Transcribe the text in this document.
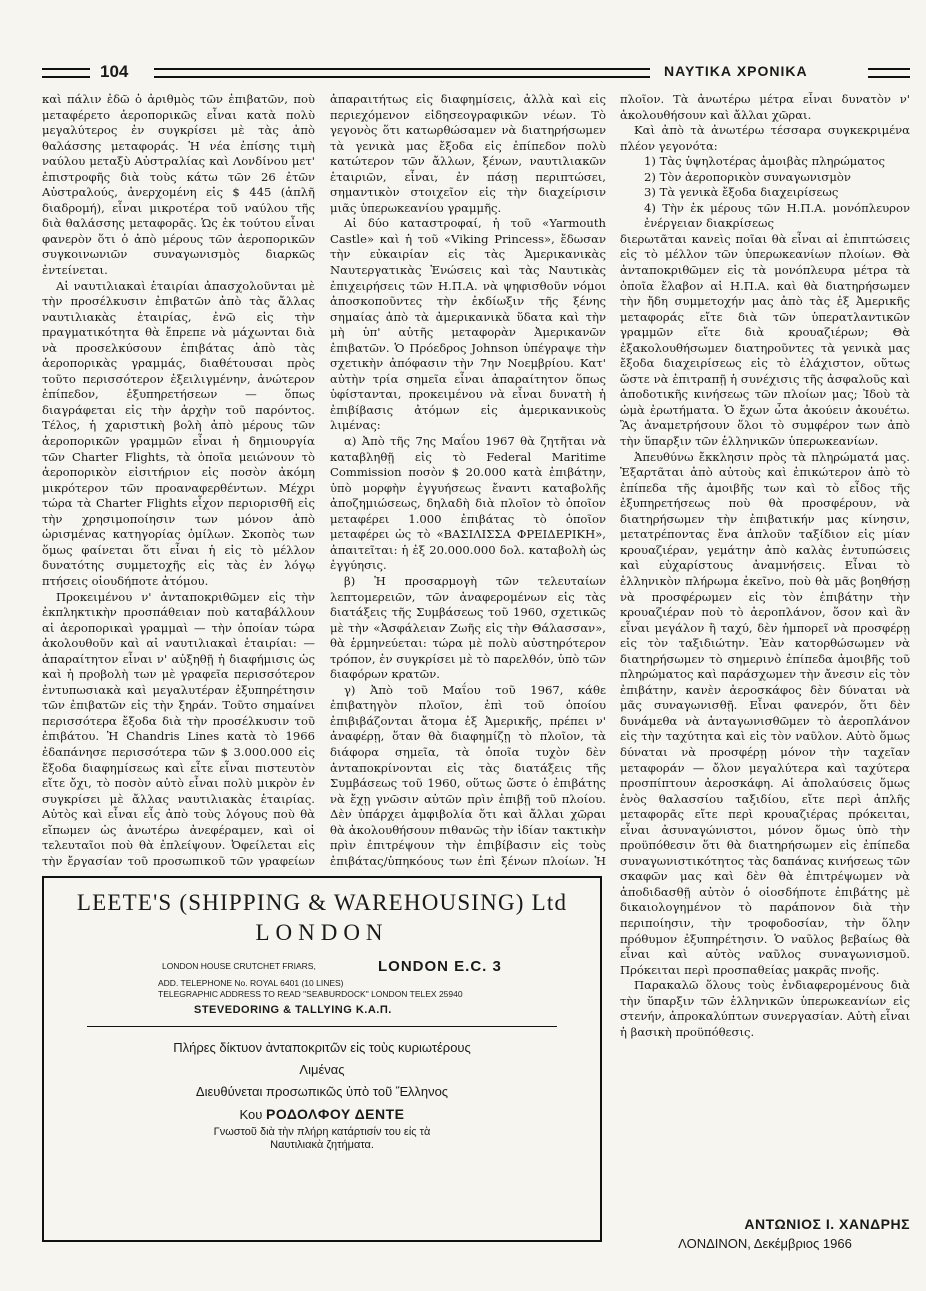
104	ΝΑΥΤΙΚΑ ΧΡΟΝΙΚΑ

καὶ πάλιν ἐδῶ ὁ ἀριθμὸς τῶν ἐπιβατῶν, ποὺ μεταφέρετο ἀεροπορικῶς εἶναι κατὰ πολὺ μεγαλύτερος ἐν συγκρίσει μὲ τὰς ἀπὸ θαλάσσης μεταφοράς. Ἡ νέα ἐπίσης τιμὴ ναύλου μεταξὺ Αὐστραλίας καὶ Λονδίνου μετ' ἐπιστροφῆς διὰ τοὺς κάτω τῶν 26 ἐτῶν Αὐστραλούς, ἀνερχομένη εἰς $ 445 (ἁπλῆ διαδρομή), εἶναι μικροτέρα τοῦ ναύλου τῆς διὰ θαλάσσης μεταφορᾶς. Ὡς ἐκ τούτου εἶναι φανερὸν ὅτι ὁ ἀπὸ μέρους τῶν ἀεροπορικῶν συγκοινωνιῶν συναγωνισμὸς διαρκῶς ἐντείνεται.

Αἱ ναυτιλιακαὶ ἑταιρίαι ἀπασχολοῦνται μὲ τὴν προσέλκυσιν ἐπιβατῶν ἀπὸ τὰς ἄλλας ναυτιλιακὰς ἑταιρίας, ἐνῶ εἰς τὴν πραγματικότητα θὰ ἔπρεπε νὰ μάχωνται διὰ νὰ προσελκύσουν ἐπιβάτας ἀπὸ τὰς ἀεροπορικὰς γραμμάς, διαθέτουσαι πρὸς τοῦτο περισσότερον ἐξειλιγμένην, ἀνώτερον ἐπίπεδον, ἐξυπηρετήσεων — ὅπως διαγράφεται εἰς τὴν ἀρχὴν τοῦ παρόντος. Τέλος, ἡ χαριστικὴ βολὴ ἀπὸ μέρους τῶν ἀεροπορικῶν γραμμῶν εἶναι ἡ δημιουργία τῶν Charter Flights, τὰ ὁποῖα μειώνουν τὸ ἀεροπορικὸν εἰσιτήριον εἰς ποσὸν ἀκόμη μικρότερον τῶν προαναφερθέντων. Μέχρι τώρα τὰ Charter Flights εἶχον περιορισθῆ εἰς τὴν χρησιμοποίησιν των μόνον ἀπὸ ὡρισμένας κατηγορίας ὁμίλων. Σκοπὸς των ὅμως φαίνεται ὅτι εἶναι ἡ εἰς τὸ μέλλον δυνατότης συμμετοχῆς εἰς τὰς ἐν λόγῳ πτήσεις οἱουδήποτε ἀτόμου.

Προκειμένου ν' ἀνταποκριθῶμεν εἰς τὴν ἐκπληκτικὴν προσπάθειαν ποὺ καταβάλλουν αἱ ἀεροπορικαὶ γραμμαὶ — τὴν ὁποίαν τώρα ἀκολουθοῦν καὶ αἱ ναυτιλιακαὶ ἑταιρίαι: — ἀπαραίτητον εἶναι ν' αὐξηθῇ ἡ διαφήμισις ὡς καὶ ἡ προβολὴ των μὲ γραφεῖα περισσότερον ἐντυπωσιακὰ καὶ μεγαλυτέραν ἐξυπηρέτησιν τῶν ἐπιβατῶν εἰς τὴν ξηράν. Τοῦτο σημαίνει περισσότερα ἔξοδα διὰ τὴν προσέλκυσιν τοῦ ἐπιβάτου. Ἡ Chandris Lines κατὰ τὸ 1966 ἐδαπάνησε περισσότερα τῶν $ 3.000.000 εἰς ἔξοδα διαφημίσεως καὶ εἶτε εἶναι πιστευτὸν εἴτε ὄχι, τὸ ποσὸν αὐτὸ εἶναι πολὺ μικρὸν ἐν συγκρίσει μὲ ἄλλας ναυτιλιακὰς ἑταιρίας. Αὐτὸς καὶ εἶναι εἷς ἀπὸ τοὺς λόγους ποὺ θὰ εἴπωμεν ὡς ἀνωτέρω ἀνεφέραμεν, καὶ οἱ τελευταῖοι ποὺ θὰ ἐπλείψουν. Ὀφείλεται εἰς τὴν ἔργασίαν τοῦ προσωπικοῦ τῶν γραφείων

ἀπαραιτήτως εἰς διαφημίσεις, ἀλλὰ καὶ εἰς περιεχόμενον εἰδησεογραφικῶν νέων. Τὸ γεγονὸς ὅτι κατωρθώσαμεν νὰ διατηρήσωμεν τὰ γενικὰ μας ἔξοδα εἰς ἐπίπεδον πολὺ κατώτερον τῶν ἄλλων, ξένων, ναυτιλιακῶν ἑταιριῶν, εἶναι, ἐν πάσῃ περιπτώσει, σημαντικὸν στοιχεῖον εἰς τὴν διαχείρισιν μιᾶς ὑπερωκεανίου γραμμῆς.

Αἱ δύο καταστροφαί, ἡ τοῦ «Yarmouth Castle» καὶ ἡ τοῦ «Viking Princess», ἔδωσαν τὴν εὐκαιρίαν εἰς τὰς Ἀμερικανικὰς Ναυτεργατικὰς Ἑνώσεις καὶ τὰς Ναυτικὰς ἐπιχειρήσεις τῶν Η.Π.Α. νὰ ψηφισθοῦν νόμοι ἀποσκοποῦντες τὴν ἐκδίωξιν τῆς ξένης σημαίας ἀπὸ τὰ ἀμερικανικὰ ὕδατα καὶ τὴν μὴ ὑπ' αὐτῆς μεταφορὰν Ἀμερικανῶν ἐπιβατῶν. Ὁ Πρόεδρος Johnson ὑπέγραψε τὴν σχετικὴν ἀπόφασιν τὴν 7ην Νοεμβρίου. Κατ' αὐτὴν τρία σημεῖα εἶναι ἀπαραίτητον ὅπως ὑφίστανται, προκειμένου νὰ εἶναι δυνατὴ ἡ ἐπιβίβασις ἀτόμων εἰς ἀμερικανικοὺς λιμένας:

α) Ἀπὸ τῆς 7ης Μαΐου 1967 θὰ ζητῆται νὰ καταβληθῇ εἰς τὸ Federal Maritime Commission ποσὸν $ 20.000 κατὰ ἐπιβάτην, ὑπὸ μορφὴν ἐγγυήσεως ἔναντι καταβολῆς ἀποζημιώσεως, δηλαδὴ διὰ πλοῖον τὸ ὁποῖον μεταφέρει 1.000 ἐπιβάτας τὸ ὁποῖον μεταφέρει ὡς τὸ «ΒΑΣΙΛΙΣΣΑ ΦΡΕΙΔΕΡΙΚΗ», ἀπαιτεῖται: ἡ ἐξ 20.000.000 δολ. καταβολὴ ὡς ἐγγύησις.

β) Ἡ προσαρμογὴ τῶν τελευταίων λεπτομερειῶν, τῶν ἀναφερομένων εἰς τὰς διατάξεις τῆς Συμβάσεως τοῦ 1960, σχετικῶς μὲ τὴν «Ἀσφάλειαν Ζωῆς εἰς τὴν Θάλασσαν», θὰ ἑρμηνεύεται: τώρα μὲ πολὺ αὐστηρότερον τρόπον, ἐν συγκρίσει μὲ τὸ παρελθόν, ὑπὸ τῶν διαφόρων κρατῶν.

γ) Ἀπὸ τοῦ Μαΐου τοῦ 1967, κάθε ἐπιβατηγὸν πλοῖον, ἐπὶ τοῦ ὁποίου ἐπιβιβάζονται ἄτομα ἐξ Ἀμερικῆς, πρέπει ν' ἀναφέρῃ, ὅταν θὰ διαφημίζῃ τὸ πλοῖον, τὰ διάφορα σημεῖα, τὰ ὁποῖα τυχὸν δὲν ἀνταποκρίνονται εἰς τὰς διατάξεις τῆς Συμβάσεως τοῦ 1960, οὕτως ὥστε ὁ ἐπιβάτης νὰ ἔχῃ γνῶσιν αὐτῶν πρὶν ἐπιβῇ τοῦ πλοίου. Δὲν ὑπάρχει ἀμφιβολία ὅτι καὶ ἄλλαι χῶραι θὰ ἀκολουθήσουν πιθανῶς τὴν ἰδίαν τακτικὴν πρὶν ἐπιτρέψουν τὴν ἐπιβίβασιν εἰς τοὺς ἐπιβάτας/ὑπηκόους των ἐπὶ ξένων πλοίων. Ἡ

πλοῖον. Τὰ ἀνωτέρω μέτρα εἶναι δυνατὸν ν' ἀκολουθήσουν καὶ ἄλλαι χῶραι.

Καὶ ἀπὸ τὰ ἀνωτέρω τέσσαρα συγκεκριμένα πλέον γεγονότα:

1) Τὰς ὑψηλοτέρας ἀμοιβὰς πληρώματος
2) Τὸν ἀεροπορικὸν συναγωνισμὸν
3) Τὰ γενικὰ ἔξοδα διαχειρίσεως
4) Τὴν ἐκ μέρους τῶν Η.Π.Α. μονόπλευρον ἐνέργειαν διακρίσεως

διερωτᾶται κανεὶς ποῖαι θὰ εἶναι αἱ ἐπιπτώσεις εἰς τὸ μέλλον τῶν ὑπερωκεανίων πλοίων. Θὰ ἀνταποκριθῶμεν εἰς τὰ μονόπλευρα μέτρα τὰ ὁποῖα ἔλαβον αἱ Η.Π.Α. καὶ θὰ διατηρήσωμεν τὴν ἤδη συμμετοχήν μας ἀπὸ τὰς ἐξ Ἀμερικῆς μεταφοράς εἴτε διὰ τῶν ὑπερατλαντικῶν γραμμῶν εἴτε διὰ κρουαζιέρων; Θὰ ἐξακολουθήσωμεν διατηροῦντες τὰ γενικὰ μας ἔξοδα διαχειρίσεως εἰς τὸ ἐλάχιστον, οὕτως ὥστε νὰ ἐπιτραπῇ ἡ συνέχισις τῆς ἀσφαλοῦς καὶ ἀποδοτικῆς κινήσεως τῶν πλοίων μας; Ἰδοὺ τὰ ὠμὰ ἐρωτήματα. Ὁ ἔχων ὦτα ἀκούειν ἀκουέτω. Ἂς ἀναμετρήσουν ὅλοι τὸ συμφέρον των ἀπὸ τὴν ὕπαρξιν τῶν ἑλληνικῶν ὑπερωκεανίων.

Ἀπευθύνω ἔκκλησιν πρὸς τὰ πληρώματά μας. Ἐξαρτᾶται ἀπὸ αὐτοὺς καὶ ἐπικώτερον ἀπὸ τὸ ἐπίπεδα τῆς ἀμοιβῆς των καὶ τὸ εἶδος τῆς ἐξυπηρετήσεως ποὺ θὰ προσφέρουν, νὰ διατηρήσωμεν τὴν ἐπιβατικήν μας κίνησιν, μετατρέποντας ἕνα ἁπλοῦν ταξίδιον εἰς μίαν κρουαζιέραν, γεμάτην ἀπὸ καλὰς ἐντυπώσεις καὶ εὐχαρίστους ἀναμνήσεις. Εἶναι τὸ ἑλληνικὸν πλήρωμα ἐκεῖνο, ποὺ θὰ μᾶς βοηθήσῃ νὰ προσφέρωμεν εἰς τὸν ἐπιβάτην τὴν κρουαζιέραν ποὺ τὸ ἀεροπλάνον, ὅσον καὶ ἂν εἶναι μεγάλον ἢ ταχύ, δὲν ἠμπορεῖ νὰ προσφέρῃ εἰς τὸν ταξιδιώτην. Ἐὰν κατορθώσωμεν νὰ διατηρήσωμεν τὸ σημερινὸ ἐπίπεδα ἀμοιβῆς τοῦ πληρώματος καὶ παράσχωμεν τὴν ἄνεσιν εἰς τὸν ἐπιβάτην, κανὲν ἀεροσκάφος δὲν δύναται νὰ μᾶς συναγωνισθῇ. Εἶναι φανερόν, ὅτι δὲν δυνάμεθα νὰ ἀνταγωνισθῶμεν τὸ ἀεροπλάνον εἰς τὴν ταχύτητα καὶ εἰς τὸν ναῦλον. Αὐτὸ ὅμως δύναται νὰ προσφέρῃ μόνον τὴν ταχεῖαν μεταφοράν — ὄλον μεγαλύτερα καὶ ταχύτερα προσπίπτουν ἀεροσκάφη. Αἱ ἀπολαύσεις ὅμως ἑνὸς θαλασσίου ταξιδίου, εἴτε περὶ ἁπλῆς μεταφορᾶς εἴτε περὶ κρουαζιέρας πρόκειται, εἶναι ἀσυναγώνιστοι, μόνον ὅμως ὑπὸ τὴν προϋπόθεσιν ὅτι θὰ διατηρήσωμεν εἰς ἐπίπεδα συναγωνιστικότητος τὰς δαπάνας κινήσεως τῶν σκαφῶν μας καὶ δὲν θὰ ἐπιτρέψωμεν νὰ ἀποδιδασθῇ αὐτὸν ὁ οἱοσδήποτε ἐπιβάτης μὲ δικαιολογημένον τὸ παράπονον διὰ τὴν περιποίησιν, τὴν τροφοδοσίαν, τὴν ὅλην πρόθυμον ἐξυπηρέτησιν. Ὁ ναῦλος βεβαίως θὰ εἶναι καὶ αὐτὸς ναῦλος συναγωνισμοῦ. Πρόκειται περὶ προσπαθείας μακρᾶς πνοῆς.

Παρακαλῶ ὅλους τοὺς ἐνδιαφερομένους διὰ τὴν ὕπαρξιν τῶν ἑλληνικῶν ὑπερωκεανίων εἰς στενήν, ἀπροκαλύπτων συνεργασίαν. Αὐτὴ εἶναι ἡ βασικὴ προϋπόθεσις.

LEETE'S (SHIPPING & WAREHOUSING) Ltd
LONDON
LONDON HOUSE CRUTCHET FRIARS,	LONDON E.C. 3
ADD. TELEPHONE No. ROYAL 6401 (10 LINES)
TELEGRAPHIC ADDRESS TO READ "SEABURDOCK" LONDON TELEX 25940
STEVEDORING & TALLYING Κ.Α.Π.
Πλήρες δίκτυον ἀνταποκριτῶν εἰς τοὺς κυριωτέρους
Λιμένας
Διευθύνεται προσωπικῶς ὑπὸ τοῦ Ἕλληνος
Κου ΡΟΔΟΛΦΟΥ ΔΕΝΤΕ
Γνωστοῦ διὰ τὴν πλήρη κατάρτισίν του εἰς τὰ
Ναυτιλιακὰ ζητήματα.
ΑΝΤΩΝΙΟΣ Ι. ΧΑΝΔΡΗΣ
ΛΟΝΔΙΝΟΝ, Δεκέμβριος 1966
